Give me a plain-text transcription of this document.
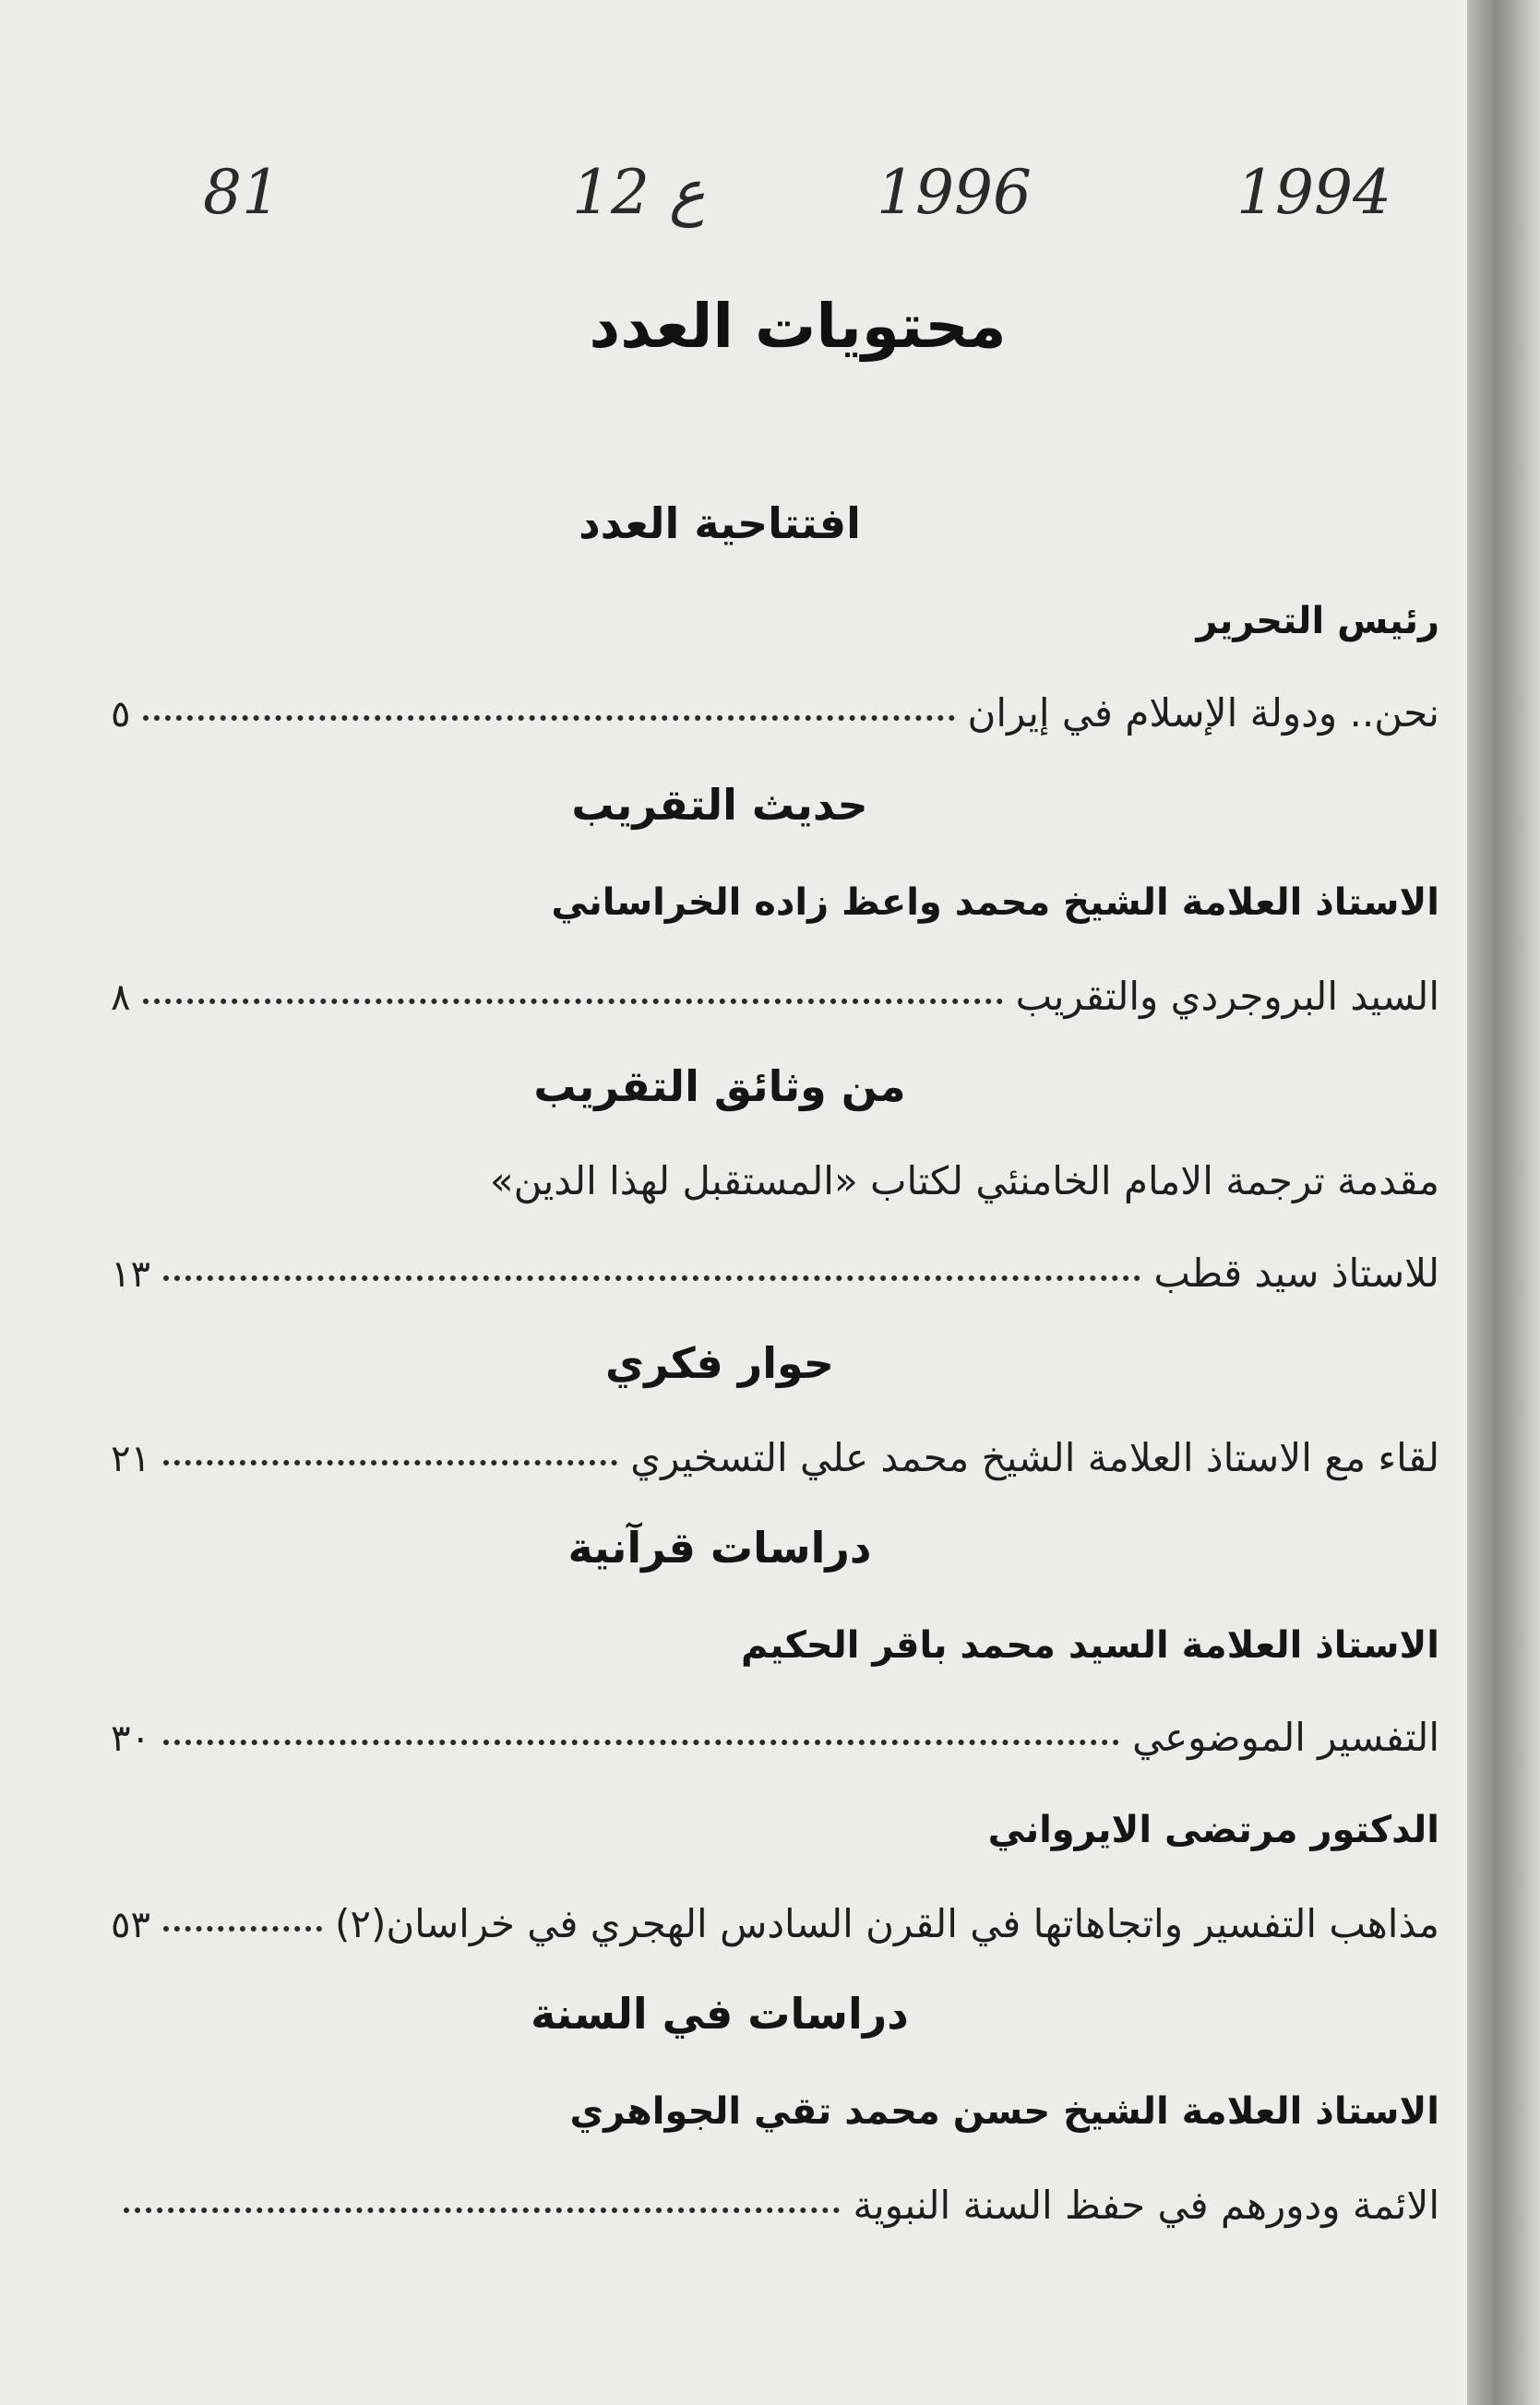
1994
1996
ع 12
81
محتويات العدد
افتتاحية العدد
رئيس التحرير
نحن.. ودولة الإسلام في إيران
٥
حديث التقريب
الاستاذ العلامة الشيخ محمد واعظ زاده الخراساني
السيد البروجردي والتقريب
٨
من وثائق التقريب
مقدمة ترجمة الامام الخامنئي لكتاب «المستقبل لهذا الدين»
للاستاذ سيد قطب
١٣
حوار فكري
لقاء مع الاستاذ العلامة الشيخ محمد علي التسخيري
٢١
دراسات قرآنية
الاستاذ العلامة السيد محمد باقر الحكيم
التفسير الموضوعي
٣٠
الدكتور مرتضى الايرواني
مذاهب التفسير واتجاهاتها في القرن السادس الهجري في خراسان(٢)
٥٣
دراسات في السنة
الاستاذ العلامة الشيخ حسن محمد تقي الجواهري
الائمة ودورهم في حفظ السنة النبوية
